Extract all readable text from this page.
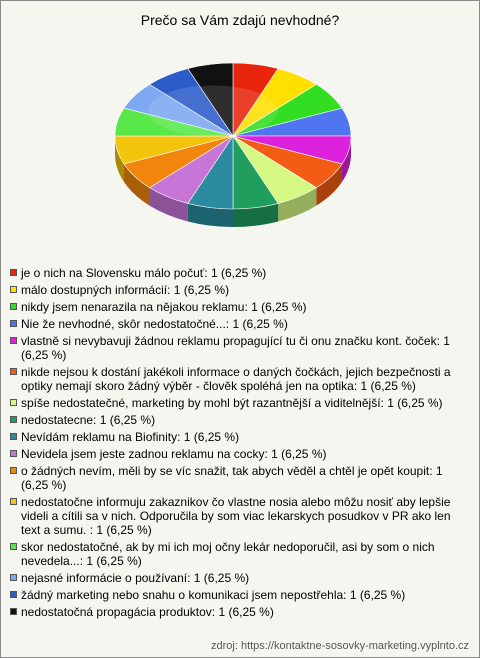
Prečo sa Vám zdajú nevhodné?
je o nich na Slovensku málo počuť: 1 (6,25 %)
málo dostupných informácií: 1 (6,25 %)
nikdy jsem nenarazila na nějakou reklamu: 1 (6,25 %)
Nie že nevhodné, skôr nedostatočné...: 1 (6,25 %)
vlastně si nevybavuji žádnou reklamu propagující tu či onu značku kont. čoček: 1 (6,25 %)
nikde nejsou k dostání jakékoli informace o daných čočkách, jejich bezpečnosti a optiky nemají skoro žádný výběr - člověk spoléhá jen na optika: 1 (6,25 %)
spíše nedostatečné, marketing by mohl být razantnější a viditelnější: 1 (6,25 %)
nedostatecne: 1 (6,25 %)
Nevídám reklamu na Biofinity: 1 (6,25 %)
Nevidela jsem jeste zadnou reklamu na cocky: 1 (6,25 %)
o žádných nevím, měli by se víc snažit, tak abych věděl a chtěl je opět koupit: 1 (6,25 %)
nedostatočne informuju zakaznikov čo vlastne nosia alebo môžu nosiť aby lepšie videli a cítili sa v nich. Odporučila by som viac lekarskych posudkov v PR ako len text a sumu. : 1 (6,25 %)
skor nedostatočné, ak by mi ich moj očny lekár nedoporučil, asi by som o nich nevedela...: 1 (6,25 %)
nejasné informácie o používaní: 1 (6,25 %)
žádný marketing nebo snahu o komunikaci jsem nepostřehla: 1 (6,25 %)
nedostatočná propagácia produktov: 1 (6,25 %)
zdroj: https://kontaktne-sosovky-marketing.vyplnto.cz
